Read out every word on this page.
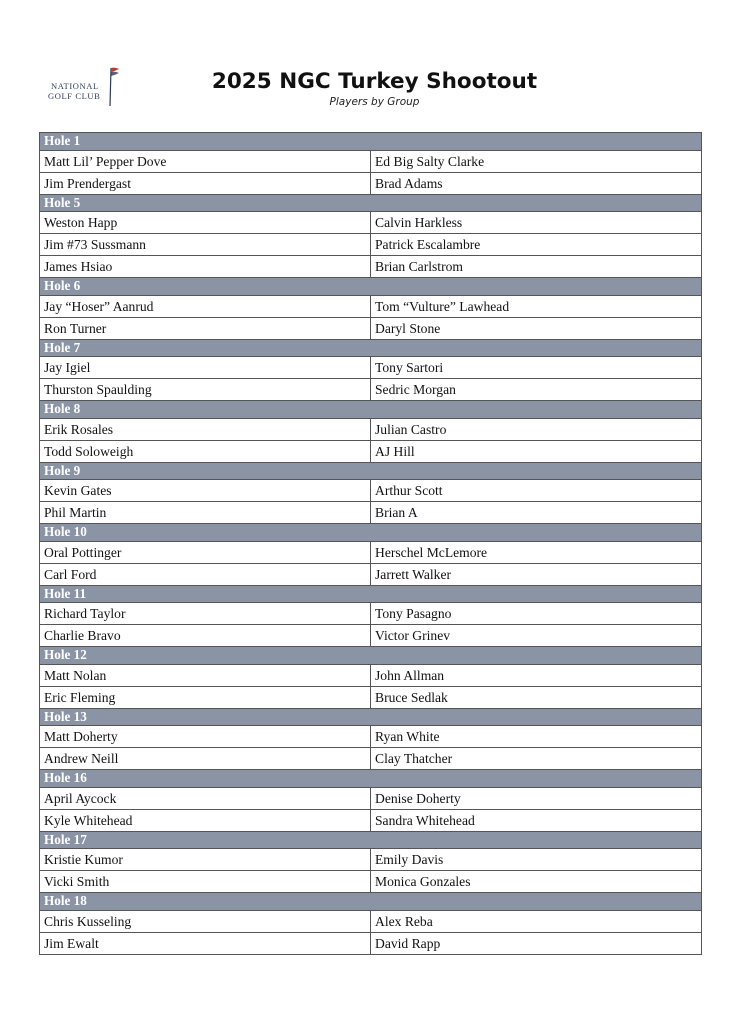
NATIONAL
GOLF CLUB
2025 NGC Turkey Shootout
Players by Group
Hole 1	
Matt Lil’ Pepper Dove	Ed Big Salty Clarke
Jim Prendergast	Brad Adams
Hole 5	
Weston Happ	Calvin Harkless
Jim #73 Sussmann	Patrick Escalambre
James Hsiao	Brian Carlstrom
Hole 6	
Jay “Hoser” Aanrud	Tom “Vulture” Lawhead
Ron Turner	Daryl Stone
Hole 7	
Jay Igiel	Tony Sartori
Thurston Spaulding	Sedric Morgan
Hole 8	
Erik Rosales	Julian Castro
Todd Soloweigh	AJ Hill
Hole 9	
Kevin Gates	Arthur Scott
Phil Martin	Brian A
Hole 10	
Oral Pottinger	Herschel McLemore
Carl Ford	Jarrett Walker
Hole 11	
Richard Taylor	Tony Pasagno
Charlie Bravo	Victor Grinev
Hole 12	
Matt Nolan	John Allman
Eric Fleming	Bruce Sedlak
Hole 13	
Matt Doherty	Ryan White
Andrew Neill	Clay Thatcher
Hole 16	
April Aycock	Denise Doherty
Kyle Whitehead	Sandra Whitehead
Hole 17	
Kristie Kumor	Emily Davis
Vicki Smith	Monica Gonzales
Hole 18	
Chris Kusseling	Alex Reba
Jim Ewalt	David Rapp
